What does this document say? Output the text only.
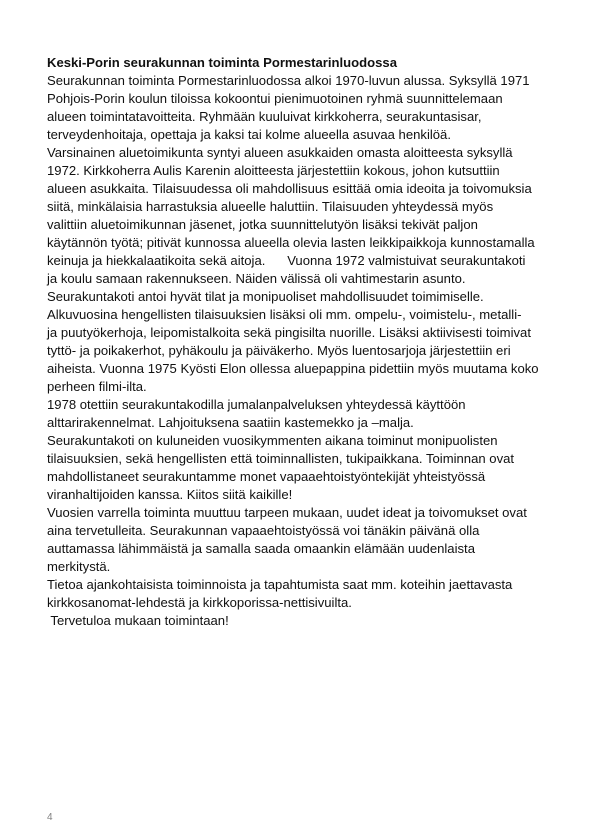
Keski-Porin seurakunnan toiminta Pormestarinluodossa

Seurakunnan toiminta Pormestarinluodossa alkoi 1970-luvun alussa. Syksyllä 1971
Pohjois-Porin koulun tiloissa kokoontui pienimuotoinen ryhmä suunnittelemaan
alueen toimintatavoitteita. Ryhmään kuuluivat kirkkoherra, seurakuntasisar,
terveydenhoitaja, opettaja ja kaksi tai kolme alueella asuvaa henkilöä.
Varsinainen aluetoimikunta syntyi alueen asukkaiden omasta aloitteesta syksyllä
1972. Kirkkoherra Aulis Karenin aloitteesta järjestettiin kokous, johon kutsuttiin
alueen asukkaita. Tilaisuudessa oli mahdollisuus esittää omia ideoita ja toivomuksia
siitä, minkälaisia harrastuksia alueelle haluttiin. Tilaisuuden yhteydessä myös
valittiin aluetoimikunnan jäsenet, jotka suunnittelutyön lisäksi tekivät paljon
käytännön työtä; pitivät kunnossa alueella olevia lasten leikkipaikkoja kunnostamalla
keinuja ja hiekkalaatikoita sekä aitoja.      Vuonna 1972 valmistuivat seurakuntakoti
ja koulu samaan rakennukseen. Näiden välissä oli vahtimestarin asunto.
Seurakuntakoti antoi hyvät tilat ja monipuoliset mahdollisuudet toimimiselle.
Alkuvuosina hengellisten tilaisuuksien lisäksi oli mm. ompelu-, voimistelu-, metalli-
ja puutyökerhoja, leipomistalkoita sekä pingisilta nuorille. Lisäksi aktiivisesti toimivat
tyttö- ja poikakerhot, pyhäkoulu ja päiväkerho. Myös luentosarjoja järjestettiin eri
aiheista. Vuonna 1975 Kyösti Elon ollessa aluepappina pidettiin myös muutama koko
perheen filmi-ilta.
1978 otettiin seurakuntakodilla jumalanpalveluksen yhteydessä käyttöön
alttarirakennelmat. Lahjoituksena saatiin kastemekko ja –malja.
Seurakuntakoti on kuluneiden vuosikymmenten aikana toiminut monipuolisten
tilaisuuksien, sekä hengellisten että toiminnallisten, tukipaikkana. Toiminnan ovat
mahdollistaneet seurakuntamme monet vapaaehtoistyöntekijät yhteistyössä
viranhaltijoiden kanssa. Kiitos siitä kaikille!
Vuosien varrella toiminta muuttuu tarpeen mukaan, uudet ideat ja toivomukset ovat
aina tervetulleita. Seurakunnan vapaaehtoistyössä voi tänäkin päivänä olla
auttamassa lähimmäistä ja samalla saada omaankin elämään uudenlaista
merkitystä.
Tietoa ajankohtaisista toiminnoista ja tapahtumista saat mm. koteihin jaettavasta
kirkkosanomat-lehdestä ja kirkkoporissa-nettisivuilta.
Tervetuloa mukaan toimintaan!
4
